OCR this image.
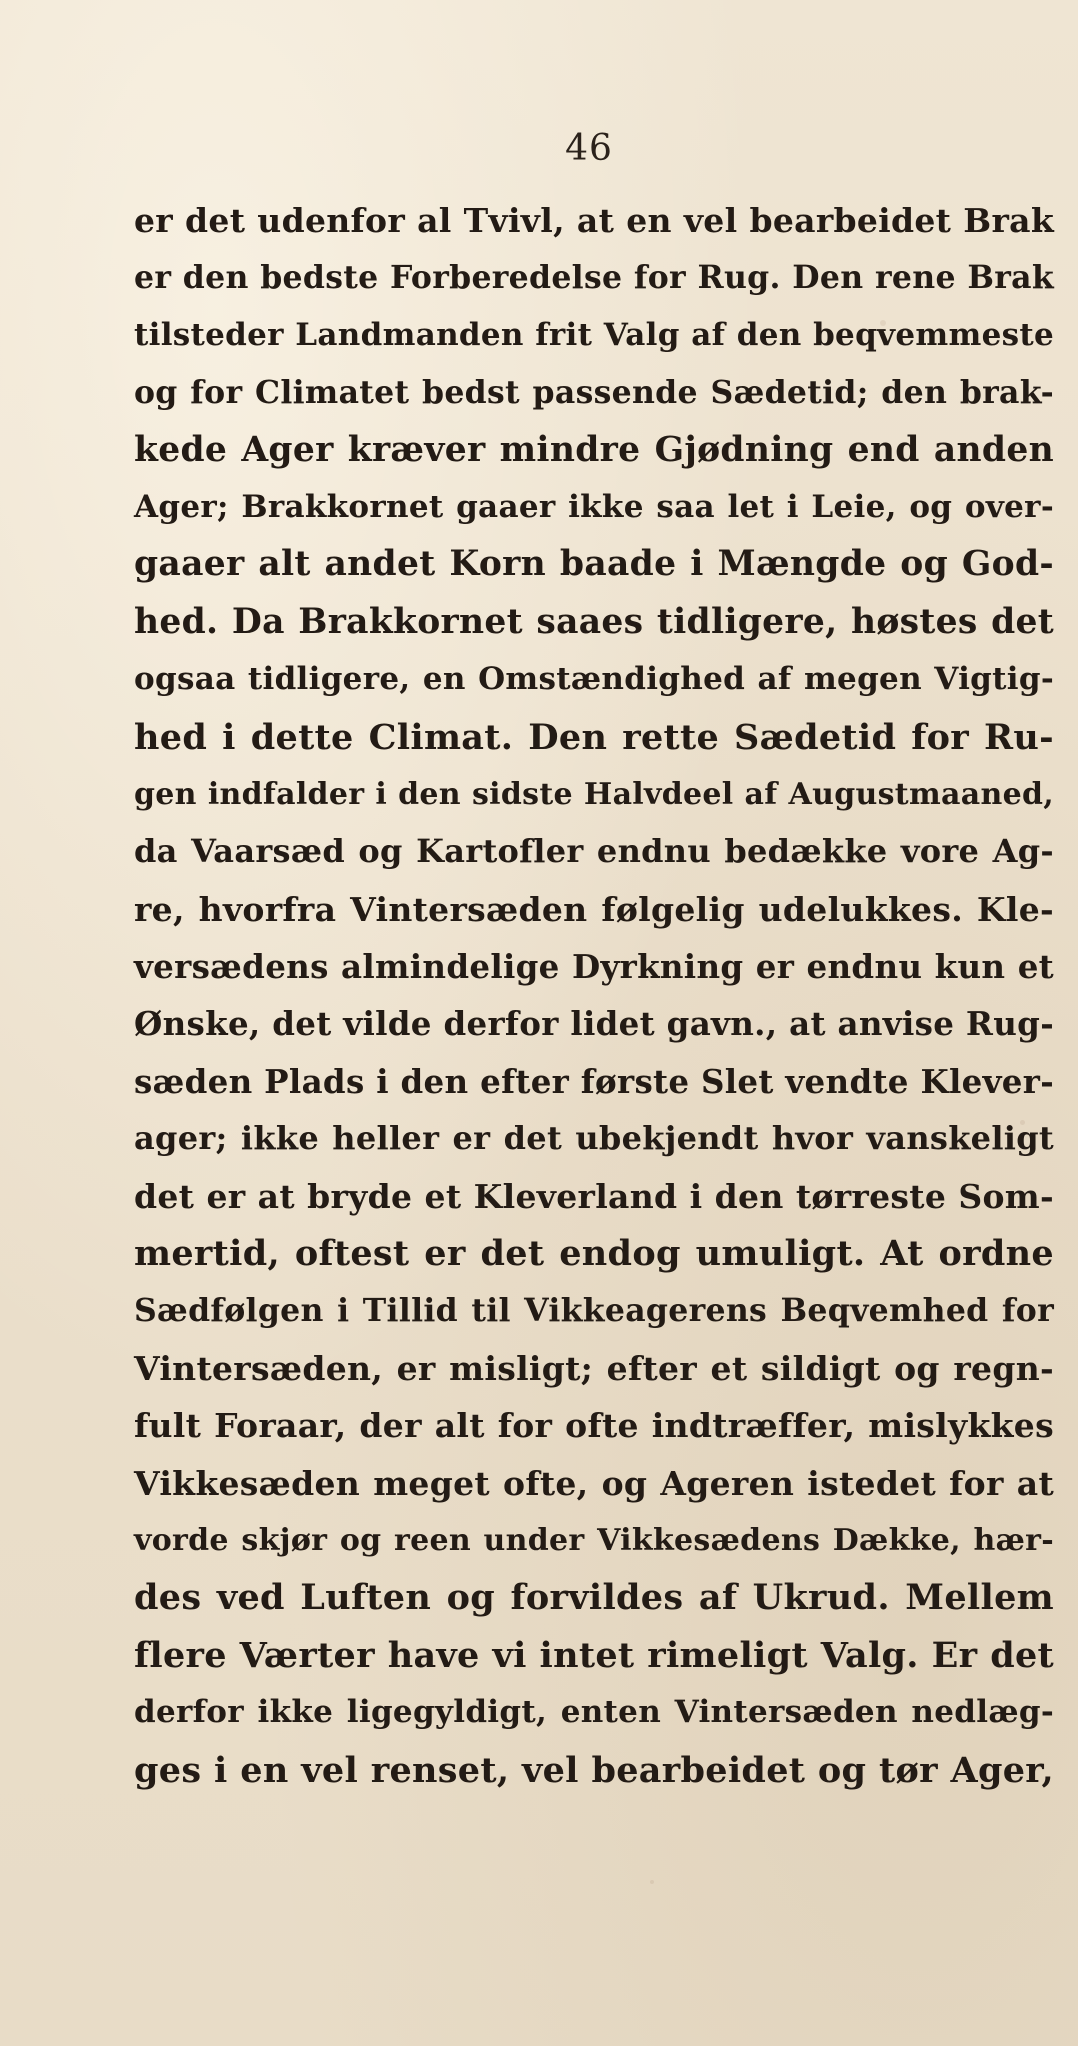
46
er det udenfor al Tvivl, at en vel bearbeidet Brak
er den bedste Forberedelse for Rug. Den rene Brak
tilsteder Landmanden frit Valg af den beqvemmeste
og for Climatet bedst passende Sædetid; den brak-
kede Ager kræver mindre Gjødning end anden
Ager; Brakkornet gaaer ikke saa let i Leie, og over-
gaaer alt andet Korn baade i Mængde og God-
hed. Da Brakkornet saaes tidligere, høstes det
ogsaa tidligere, en Omstændighed af megen Vigtig-
hed i dette Climat. Den rette Sædetid for Ru-
gen indfalder i den sidste Halvdeel af Augustmaaned,
da Vaarsæd og Kartofler endnu bedække vore Ag-
re, hvorfra Vintersæden følgelig udelukkes. Kle-
versædens almindelige Dyrkning er endnu kun et
Ønske, det vilde derfor lidet gavn., at anvise Rug-
sæden Plads i den efter første Slet vendte Klever-
ager; ikke heller er det ubekjendt hvor vanskeligt
det er at bryde et Kleverland i den tørreste Som-
mertid, oftest er det endog umuligt. At ordne
Sædfølgen i Tillid til Vikkeagerens Beqvemhed for
Vintersæden, er misligt; efter et sildigt og regn-
fult Foraar, der alt for ofte indtræffer, mislykkes
Vikkesæden meget ofte, og Ageren istedet for at
vorde skjør og reen under Vikkesædens Dække, hær-
des ved Luften og forvildes af Ukrud. Mellem
flere Værter have vi intet rimeligt Valg. Er det
derfor ikke ligegyldigt, enten Vintersæden nedlæg-
ges i en vel renset, vel bearbeidet og tør Ager,
